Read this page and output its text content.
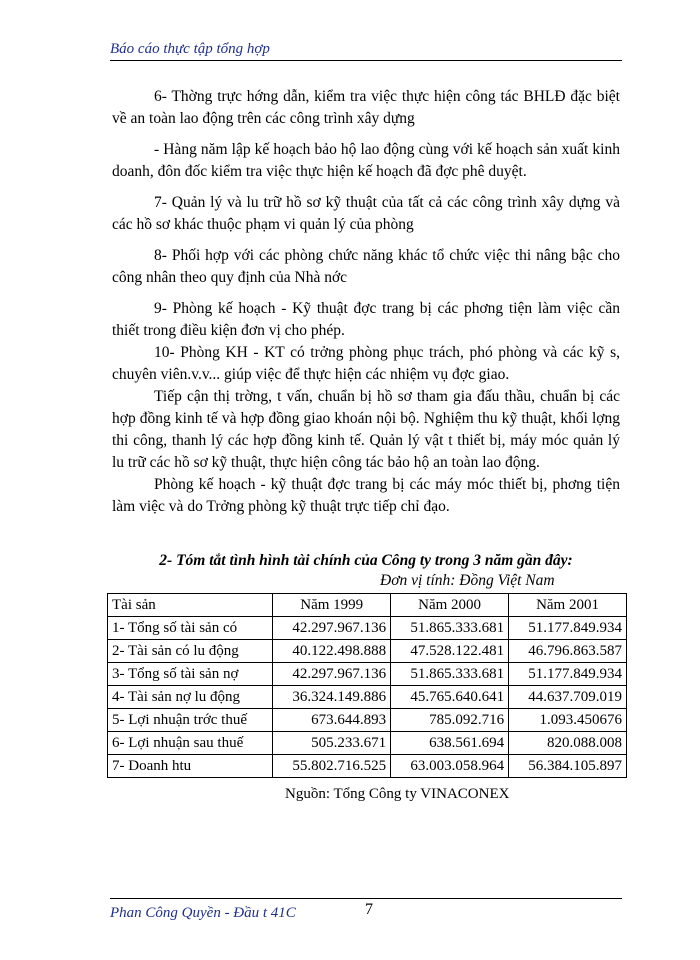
Báo cáo thực tập tổng hợp

6- Thờng trực hớng dẫn, kiểm tra việc thực hiện công tác BHLĐ đặc biệt về an toàn lao động trên các công trình xây dựng

- Hàng năm lập kế hoạch bảo hộ lao động cùng với kế hoạch sản xuất kinh doanh, đôn đốc kiểm tra việc thực hiện kế hoạch đã đợc phê duyệt.

7- Quản lý và lu trữ hồ sơ kỹ thuật của tất cả các công trình xây dựng và các hồ sơ khác thuộc phạm vi quản lý của phòng

8- Phối hợp với các phòng chức năng khác tổ chức việc thi nâng bậc cho công nhân theo quy định của Nhà nớc

9- Phòng kế hoạch - Kỹ thuật đợc trang bị các phơng tiện làm việc cần thiết trong điều kiện đơn vị cho phép.

10- Phòng KH - KT có trởng phòng phục trách, phó phòng và các kỹ s, chuyên viên.v.v... giúp việc để thực hiện các nhiệm vụ đợc giao.

Tiếp cận thị trờng, t vấn, chuẩn bị hồ sơ tham gia đấu thầu, chuẩn bị các hợp đồng kinh tế và hợp đồng giao khoán nội bộ. Nghiệm thu kỹ thuật, khối lợng thi công, thanh lý các hợp đồng kinh tế. Quản lý vật t thiết bị, máy móc quản lý lu trữ các hồ sơ kỹ thuật, thực hiện công tác bảo hộ an toàn lao động.

Phòng kế hoạch - kỹ thuật đợc trang bị các máy móc thiết bị, phơng tiện làm việc và do Trởng phòng kỹ thuật trực tiếp chỉ đạo.

2- Tóm tắt tình hình tài chính của Công ty trong 3 năm gần đây:
Đơn vị tính: Đồng Việt Nam
Tài sản	Năm 1999	Năm 2000	Năm 2001
1- Tổng số tài sản có	42.297.967.136	51.865.333.681	51.177.849.934
2- Tài sản có lu động	40.122.498.888	47.528.122.481	46.796.863.587
3- Tổng số tài sản nợ	42.297.967.136	51.865.333.681	51.177.849.934
4- Tài sản nợ lu động	36.324.149.886	45.765.640.641	44.637.709.019
5- Lợi nhuận trớc thuế	673.644.893	785.092.716	1.093.450676
6- Lợi nhuận sau thuế	505.233.671	638.561.694	820.088.008
7- Doanh htu	55.802.716.525	63.003.058.964	56.384.105.897
Nguồn: Tổng Công ty VINACONEX
Phan Công Quyền - Đầu t 41C	7
